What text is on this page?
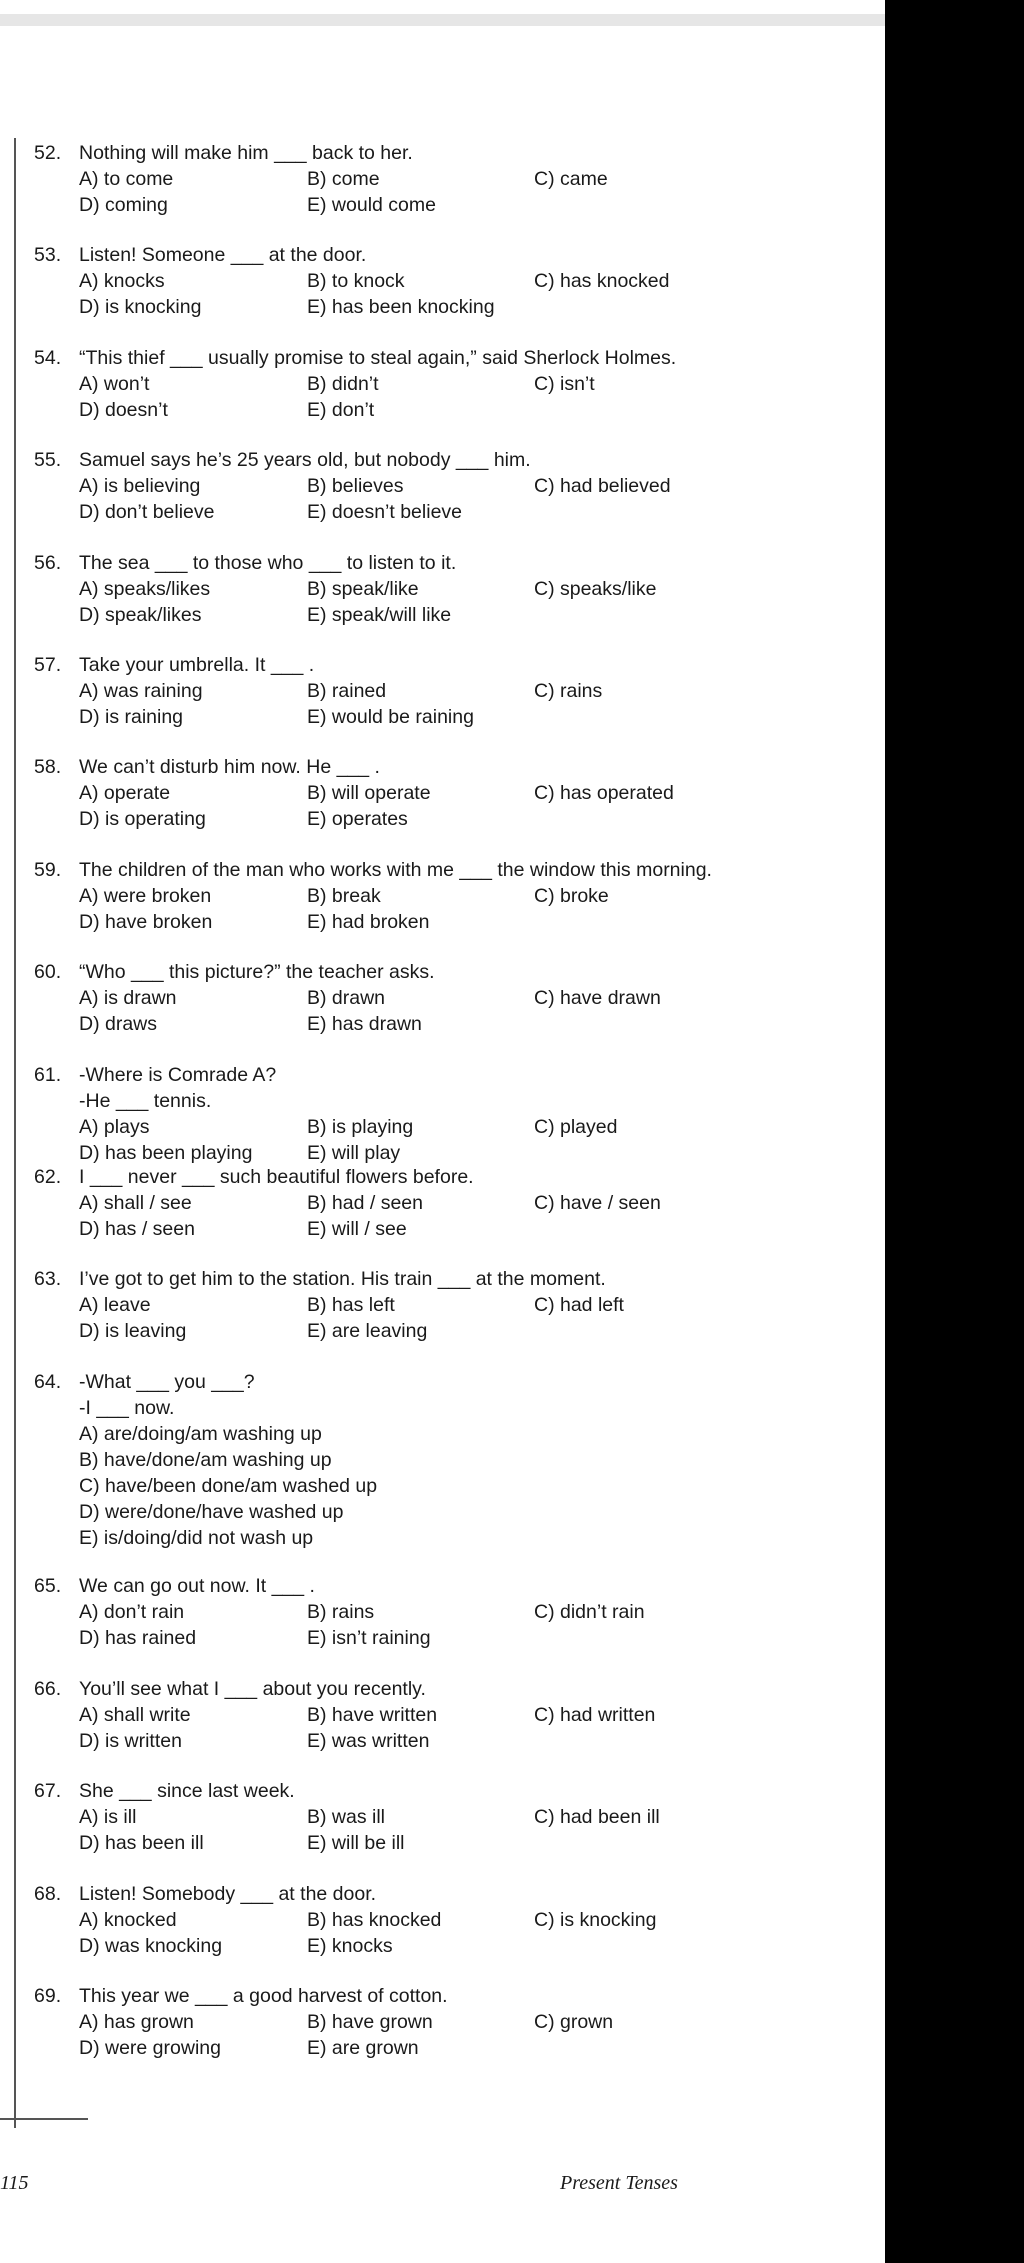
52. Nothing will make him ___ back to her.
A) to come	B) come	C) came
D) coming	E) would come
53. Listen! Someone ___ at the door.
A) knocks	B) to knock	C) has knocked
D) is knocking	E) has been knocking
54. “This thief ___ usually promise to steal again,” said Sherlock Holmes.
A) won’t	B) didn’t	C) isn’t
D) doesn’t	E) don’t
55. Samuel says he’s 25 years old, but nobody ___ him.
A) is believing	B) believes	C) had believed
D) don’t believe	E) doesn’t believe
56. The sea ___ to those who ___ to listen to it.
A) speaks/likes	B) speak/like	C) speaks/like
D) speak/likes	E) speak/will like
57. Take your umbrella. It ___ .
A) was raining	B) rained	C) rains
D) is raining	E) would be raining
58. We can’t disturb him now. He ___ .
A) operate	B) will operate	C) has operated
D) is operating	E) operates
59. The children of the man who works with me ___ the window this morning.
A) were broken	B) break	C) broke
D) have broken	E) had broken
60. “Who ___ this picture?” the teacher asks.
A) is drawn	B) drawn	C) have drawn
D) draws	E) has drawn
61. -Where is Comrade A?
-He ___ tennis.
A) plays	B) is playing	C) played
D) has been playing	E) will play
62. I ___ never ___ such beautiful flowers before.
A) shall / see	B) had / seen	C) have / seen
D) has / seen	E) will / see
63. I’ve got to get him to the station. His train ___ at the moment.
A) leave	B) has left	C) had left
D) is leaving	E) are leaving
64. -What ___ you ___?
-I ___ now.
A) are/doing/am washing up
B) have/done/am washing up
C) have/been done/am washed up
D) were/done/have washed up
E) is/doing/did not wash up
65. We can go out now. It ___ .
A) don’t rain	B) rains	C) didn’t rain
D) has rained	E) isn’t raining
66. You’ll see what I ___ about you recently.
A) shall write	B) have written	C) had written
D) is written	E) was written
67. She ___ since last week.
A) is ill	B) was ill	C) had been ill
D) has been ill	E) will be ill
68. Listen! Somebody ___ at the door.
A) knocked	B) has knocked	C) is knocking
D) was knocking	E) knocks
69. This year we ___ a good harvest of cotton.
A) has grown	B) have grown	C) grown
D) were growing	E) are grown
115	Present Tenses
